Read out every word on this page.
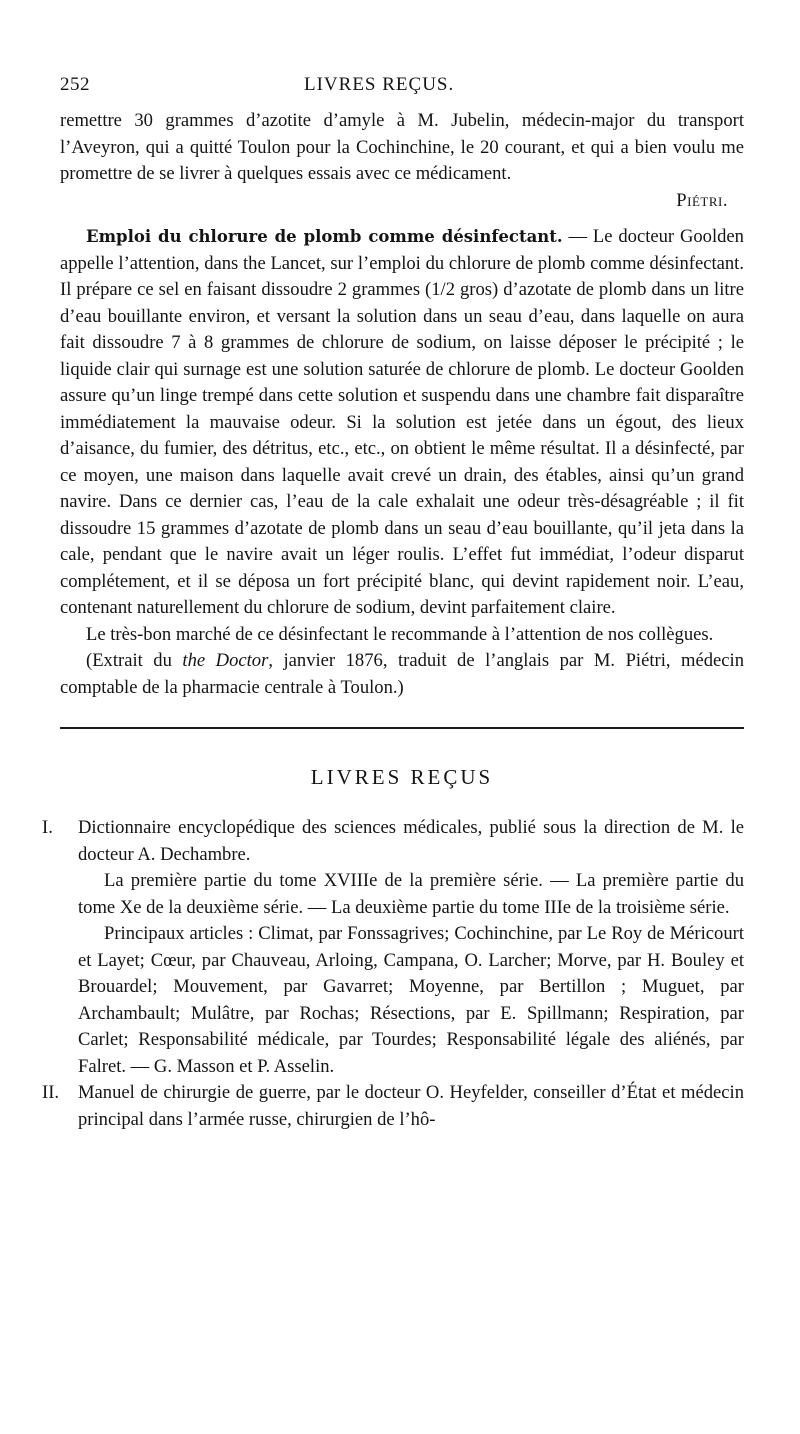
252	LIVRES REÇUS.

remettre 30 grammes d’azotite d’amyle à M. Jubelin, médecin-major du transport l’Aveyron, qui a quitté Toulon pour la Cochinchine, le 20 courant, et qui a bien voulu me promettre de se livrer à quelques essais avec ce médicament.

Piétri.

Emploi du chlorure de plomb comme désinfectant. — Le docteur Goolden appelle l’attention, dans the Lancet, sur l’emploi du chlorure de plomb comme désinfectant. Il prépare ce sel en faisant dissoudre 2 grammes (1/2 gros) d’azotate de plomb dans un litre d’eau bouillante environ, et versant la solution dans un seau d’eau, dans laquelle on aura fait dissoudre 7 à 8 grammes de chlorure de sodium, on laisse déposer le précipité ; le liquide clair qui surnage est une solution saturée de chlorure de plomb. Le docteur Goolden assure qu’un linge trempé dans cette solution et suspendu dans une chambre fait disparaître immédiatement la mauvaise odeur. Si la solution est jetée dans un égout, des lieux d’aisance, du fumier, des détritus, etc., etc., on obtient le même résultat. Il a désinfecté, par ce moyen, une maison dans laquelle avait crevé un drain, des étables, ainsi qu’un grand navire. Dans ce dernier cas, l’eau de la cale exhalait une odeur très-désagréable ; il fit dissoudre 15 grammes d’azotate de plomb dans un seau d’eau bouillante, qu’il jeta dans la cale, pendant que le navire avait un léger roulis. L’effet fut immédiat, l’odeur disparut complétement, et il se déposa un fort précipité blanc, qui devint rapidement noir. L’eau, contenant naturellement du chlorure de sodium, devint parfaitement claire.

Le très-bon marché de ce désinfectant le recommande à l’attention de nos collègues.

(Extrait du the Doctor, janvier 1876, traduit de l’anglais par M. Piétri, médecin comptable de la pharmacie centrale à Toulon.)

LIVRES REÇUS
I.	Dictionnaire encyclopédique des sciences médicales, publié sous la direction de M. le docteur A. Dechambre.

La première partie du tome XVIIIe de la première série. — La première partie du tome Xe de la deuxième série. — La deuxième partie du tome IIIe de la troisième série.

Principaux articles : Climat, par Fonssagrives; Cochinchine, par Le Roy de Méricourt et Layet; Cœur, par Chauveau, Arloing, Campana, O. Larcher; Morve, par H. Bouley et Brouardel; Mouvement, par Gavarret; Moyenne, par Bertillon ; Muguet, par Archambault; Mulâtre, par Rochas; Résections, par E. Spillmann; Respiration, par Carlet; Responsabilité médicale, par Tourdes; Responsabilité légale des aliénés, par Falret. — G. Masson et P. Asselin.

II.	Manuel de chirurgie de guerre, par le docteur O. Heyfelder, conseiller d’État et médecin principal dans l’armée russe, chirurgien de l’hô-
